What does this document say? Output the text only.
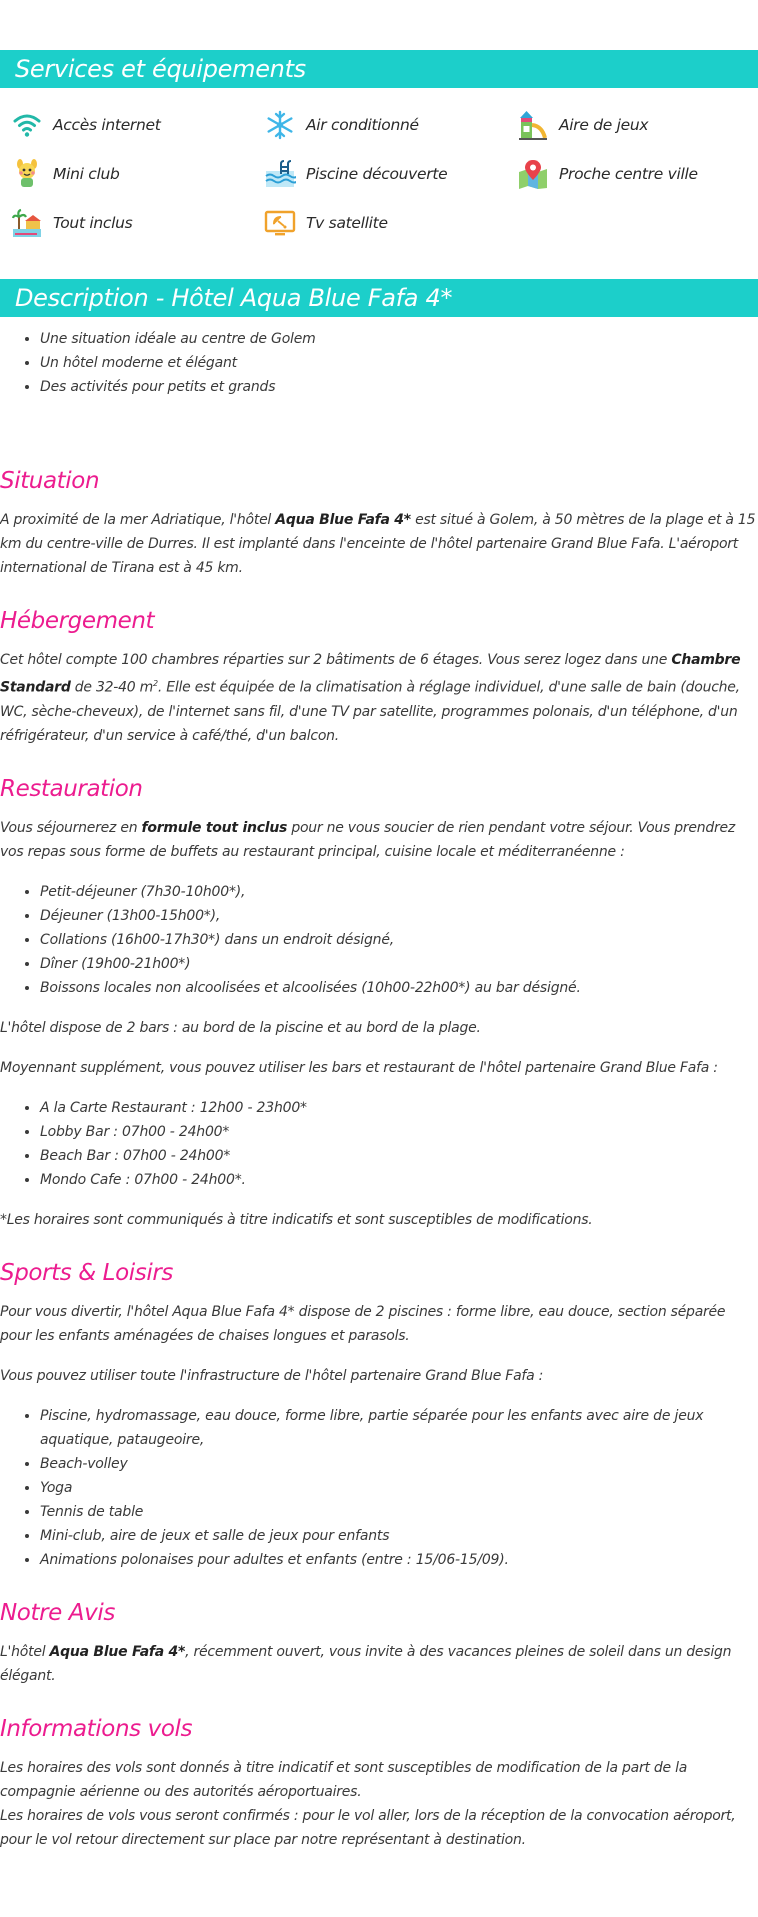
Services et équipements
Accès internet	Air conditionné	Aire de jeux
Mini club	Piscine découverte	Proche centre ville
Tout inclus	Tv satellite
Description - Hôtel Aqua Blue Fafa 4*
• Une situation idéale au centre de Golem
• Un hôtel moderne et élégant
• Des activités pour petits et grands
Situation

A proximité de la mer Adriatique, l'hôtel Aqua Blue Fafa 4* est situé à Golem, à 50 mètres de la plage et à 15 km du centre-ville de Durres. Il est implanté dans l'enceinte de l'hôtel partenaire Grand Blue Fafa. L'aéroport international de Tirana est à 45 km.

Hébergement

Cet hôtel compte 100 chambres réparties sur 2 bâtiments de 6 étages. Vous serez logez dans une Chambre Standard de 32-40 $m^2$. Elle est équipée de la climatisation à réglage individuel, d'une salle de bain (douche, WC, sèche-cheveux), de l'internet sans fil, d'une TV par satellite, programmes polonais, d'un téléphone, d'un réfrigérateur, d'un service à café/thé, d'un balcon.

Restauration

Vous séjournerez en formule tout inclus pour ne vous soucier de rien pendant votre séjour. Vous prendrez vos repas sous forme de buffets au restaurant principal, cuisine locale et méditerranéenne :

• Petit-déjeuner (7h30-10h00*),
• Déjeuner (13h00-15h00*),
• Collations (16h00-17h30*) dans un endroit désigné,
• Dîner (19h00-21h00*)
• Boissons locales non alcoolisées et alcoolisées (10h00-22h00*) au bar désigné.

L'hôtel dispose de 2 bars : au bord de la piscine et au bord de la plage.

Moyennant supplément, vous pouvez utiliser les bars et restaurant de l'hôtel partenaire Grand Blue Fafa :

• A la Carte Restaurant : 12h00 - 23h00*
• Lobby Bar : 07h00 - 24h00*
• Beach Bar : 07h00 - 24h00*
• Mondo Cafe : 07h00 - 24h00*.

*Les horaires sont communiqués à titre indicatifs et sont susceptibles de modifications.

Sports & Loisirs

Pour vous divertir, l'hôtel Aqua Blue Fafa 4* dispose de 2 piscines : forme libre, eau douce, section séparée pour les enfants aménagées de chaises longues et parasols.

Vous pouvez utiliser toute l'infrastructure de l'hôtel partenaire Grand Blue Fafa :

• Piscine, hydromassage, eau douce, forme libre, partie séparée pour les enfants avec aire de jeux aquatique, pataugeoire,
• Beach-volley
• Yoga
• Tennis de table
• Mini-club, aire de jeux et salle de jeux pour enfants
• Animations polonaises pour adultes et enfants (entre : 15/06-15/09).
Notre Avis

L'hôtel Aqua Blue Fafa 4*, récemment ouvert, vous invite à des vacances pleines de soleil dans un design élégant.

Informations vols

Les horaires des vols sont donnés à titre indicatif et sont susceptibles de modification de la part de la compagnie aérienne ou des autorités aéroportuaires.

Les horaires de vols vous seront confirmés : pour le vol aller, lors de la réception de la convocation aéroport, pour le vol retour directement sur place par notre représentant à destination.
